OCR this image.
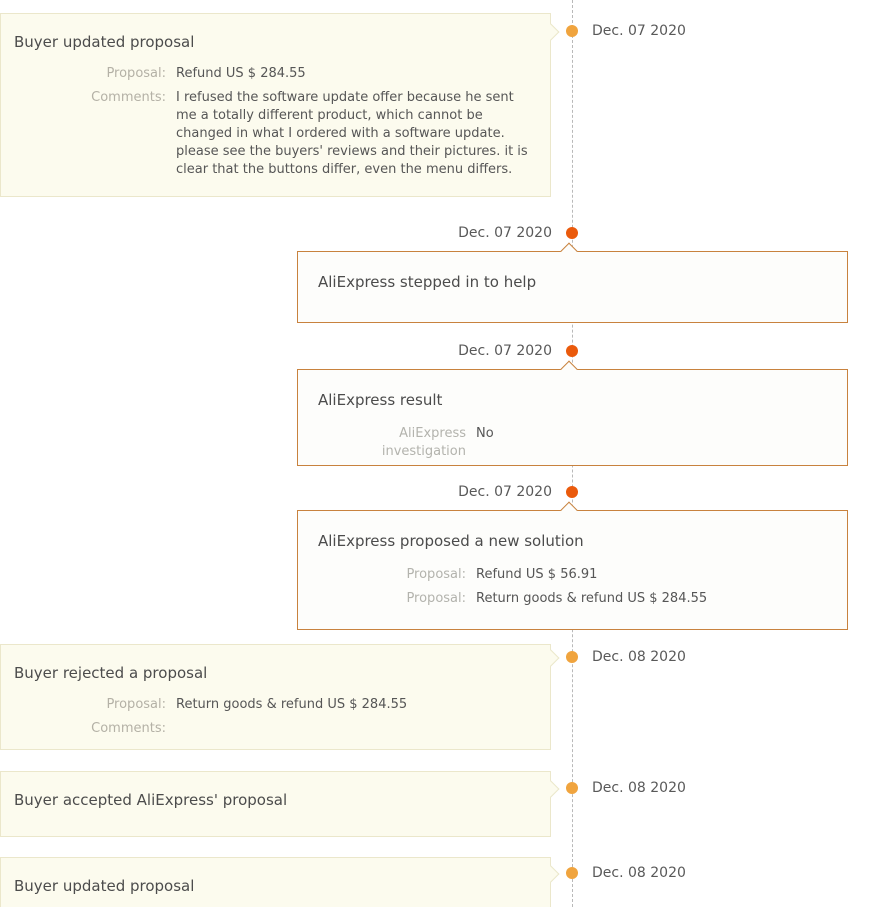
Buyer updated proposal
Proposal: Refund US $ 284.55
Comments: I refused the software update offer because he sent me a totally different product, which cannot be changed in what I ordered with a software update. please see the buyers' reviews and their pictures. it is clear that the buttons differ, even the menu differs.
Dec. 07 2020
Dec. 07 2020
AliExpress stepped in to help
Dec. 07 2020
AliExpress result
AliExpress investigation
No
Dec. 07 2020
AliExpress proposed a new solution
Proposal: Refund US $ 56.91
Proposal: Return goods & refund US $ 284.55
Buyer rejected a proposal
Proposal: Return goods & refund US $ 284.55
Comments:
Dec. 08 2020
Buyer accepted AliExpress' proposal
Dec. 08 2020
Buyer updated proposal
Dec. 08 2020
